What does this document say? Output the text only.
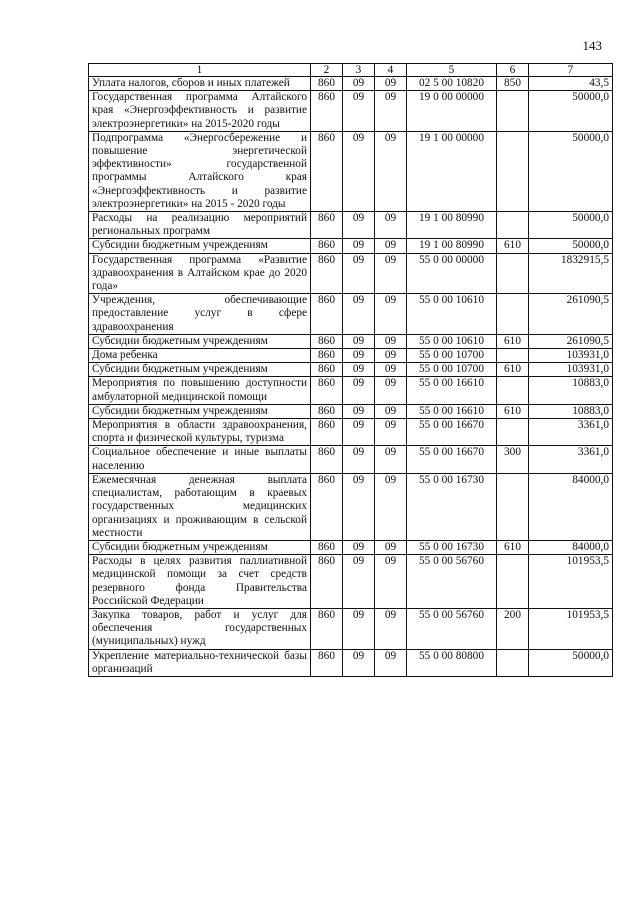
143
1	2	3	4	5	6	7
Уплата налогов, сборов и иных платежей	860	09	09	02 5 00 10820	850	43,5
Государственная программа Алтайского края «Энергоэффективность и развитие электроэнергетики» на 2015-2020 годы	860	09	09	19 0 00 00000		50000,0
Подпрограмма «Энергосбережение и повышение энергетической эффективности» государственной программы Алтайского края «Энергоэффективность и развитие электроэнергетики» на 2015 - 2020 годы	860	09	09	19 1 00 00000		50000,0
Расходы на реализацию мероприятий региональных программ	860	09	09	19 1 00 80990		50000,0
Субсидии бюджетным учреждениям	860	09	09	19 1 00 80990	610	50000,0
Государственная программа «Развитие здравоохранения в Алтайском крае до 2020 года»	860	09	09	55 0 00 00000		1832915,5
Учреждения, обеспечивающие предоставление услуг в сфере здравоохранения	860	09	09	55 0 00 10610		261090,5
Субсидии бюджетным учреждениям	860	09	09	55 0 00 10610	610	261090,5
Дома ребенка	860	09	09	55 0 00 10700		103931,0
Субсидии бюджетным учреждениям	860	09	09	55 0 00 10700	610	103931,0
Мероприятия по повышению доступности амбулаторной медицинской помощи	860	09	09	55 0 00 16610		10883,0
Субсидии бюджетным учреждениям	860	09	09	55 0 00 16610	610	10883,0
Мероприятия в области здравоохранения, спорта и физической культуры, туризма	860	09	09	55 0 00 16670		3361,0
Социальное обеспечение и иные выплаты населению	860	09	09	55 0 00 16670	300	3361,0
Ежемесячная денежная выплата специалистам, работающим в краевых государственных медицинских организациях и проживающим в сельской местности	860	09	09	55 0 00 16730		84000,0
Субсидии бюджетным учреждениям	860	09	09	55 0 00 16730	610	84000,0
Расходы в целях развития паллиативной медицинской помощи за счет средств резервного фонда Правительства Российской Федерации	860	09	09	55 0 00 56760		101953,5
Закупка товаров, работ и услуг для обеспечения государственных (муниципальных) нужд	860	09	09	55 0 00 56760	200	101953,5
Укрепление материально-технической базы организаций	860	09	09	55 0 00 80800		50000,0
